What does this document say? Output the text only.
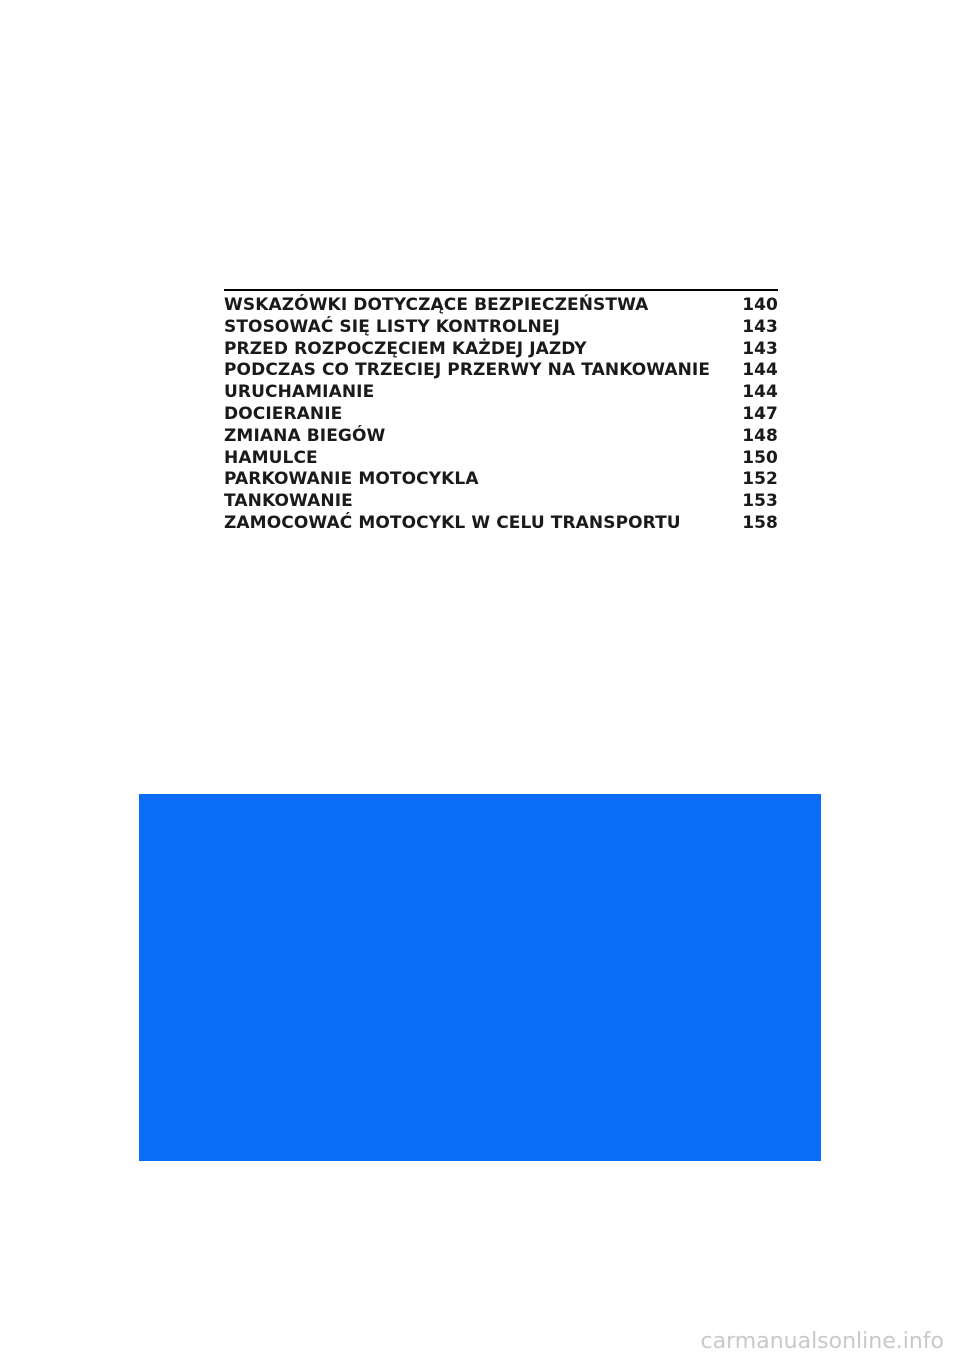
WSKAZÓWKI DOTYCZĄCE BEZPIECZEŃSTWA	140
STOSOWAĆ SIĘ LISTY KONTROLNEJ	143
PRZED ROZPOCZĘCIEM KAŻDEJ JAZDY	143
PODCZAS CO TRZECIEJ PRZERWY NA TANKOWANIE	144
URUCHAMIANIE	144
DOCIERANIE	147
ZMIANA BIEGÓW	148
HAMULCE	150
PARKOWANIE MOTOCYKLA	152
TANKOWANIE	153
ZAMOCOWAĆ MOTOCYKL W CELU TRANSPORTU	158
carmanualsonline.info
